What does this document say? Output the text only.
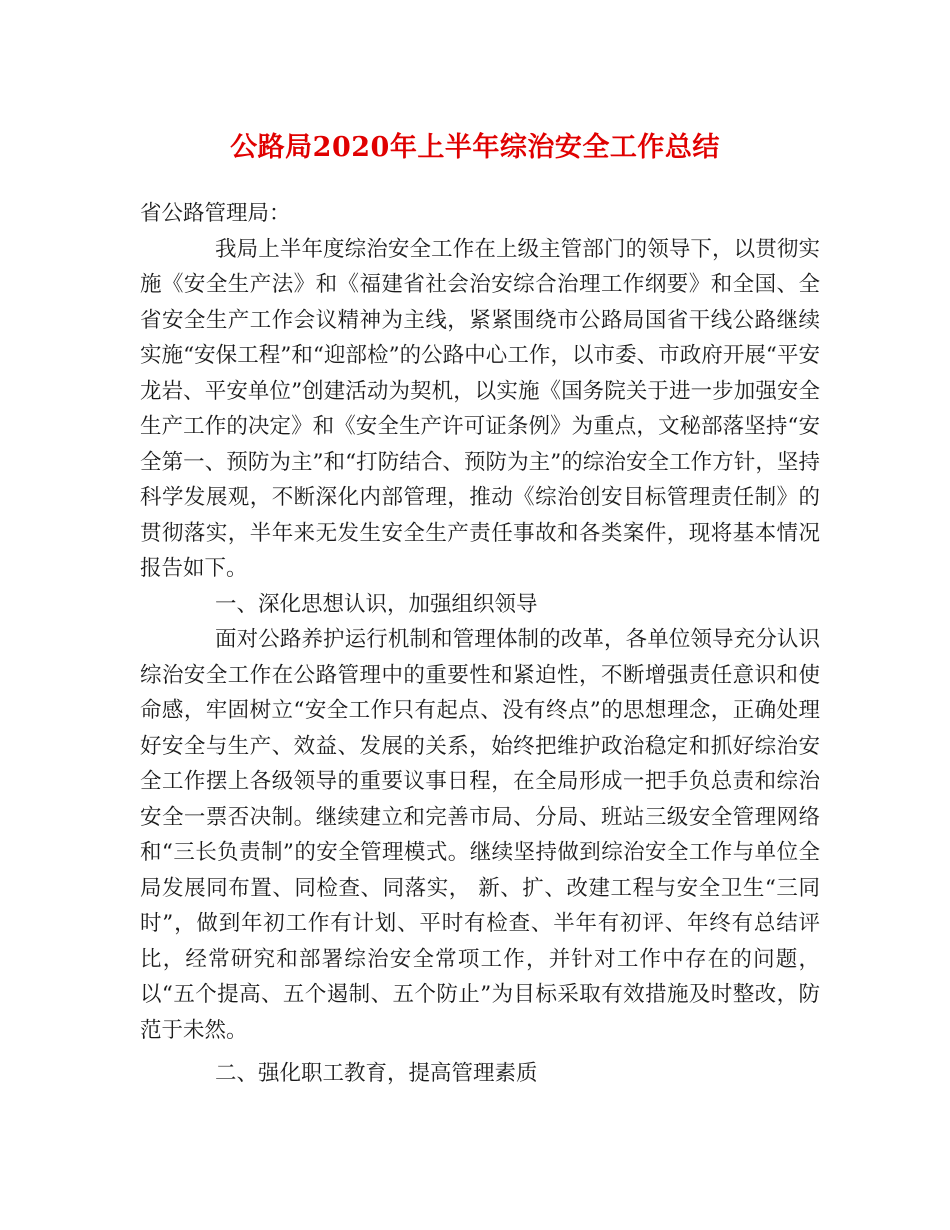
公路局2020年上半年综治安全工作总结

省公路管理局：

我局上半年度综治安全工作在上级主管部门的领导下，以贯彻实施《安全生产法》和《福建省社会治安综合治理工作纲要》和全国、全省安全生产工作会议精神为主线，紧紧围绕市公路局国省干线公路继续实施“安保工程”和“迎部检”的公路中心工作，以市委、市政府开展“平安龙岩、平安单位”创建活动为契机，以实施《国务院关于进一步加强安全生产工作的决定》和《安全生产许可证条例》为重点，文秘部落坚持“安全第一、预防为主”和“打防结合、预防为主”的综治安全工作方针，坚持科学发展观，不断深化内部管理，推动《综治创安目标管理责任制》的贯彻落实，半年来无发生安全生产责任事故和各类案件，现将基本情况报告如下。

一、深化思想认识，加强组织领导

面对公路养护运行机制和管理体制的改革，各单位领导充分认识综治安全工作在公路管理中的重要性和紧迫性，不断增强责任意识和使命感，牢固树立“安全工作只有起点、没有终点”的思想理念，正确处理好安全与生产、效益、发展的关系，始终把维护政治稳定和抓好综治安全工作摆上各级领导的重要议事日程，在全局形成一把手负总责和综治安全一票否决制。继续建立和完善市局、分局、班站三级安全管理网络和“三长负责制”的安全管理模式。继续坚持做到综治安全工作与单位全局发展同布置、同检查、同落实， 新、扩、改建工程与安全卫生“三同时”，做到年初工作有计划、平时有检查、半年有初评、年终有总结评比，经常研究和部署综治安全常项工作，并针对工作中存在的问题，以“五个提高、五个遏制、五个防止”为目标采取有效措施及时整改，防范于未然。

二、强化职工教育，提高管理素质
